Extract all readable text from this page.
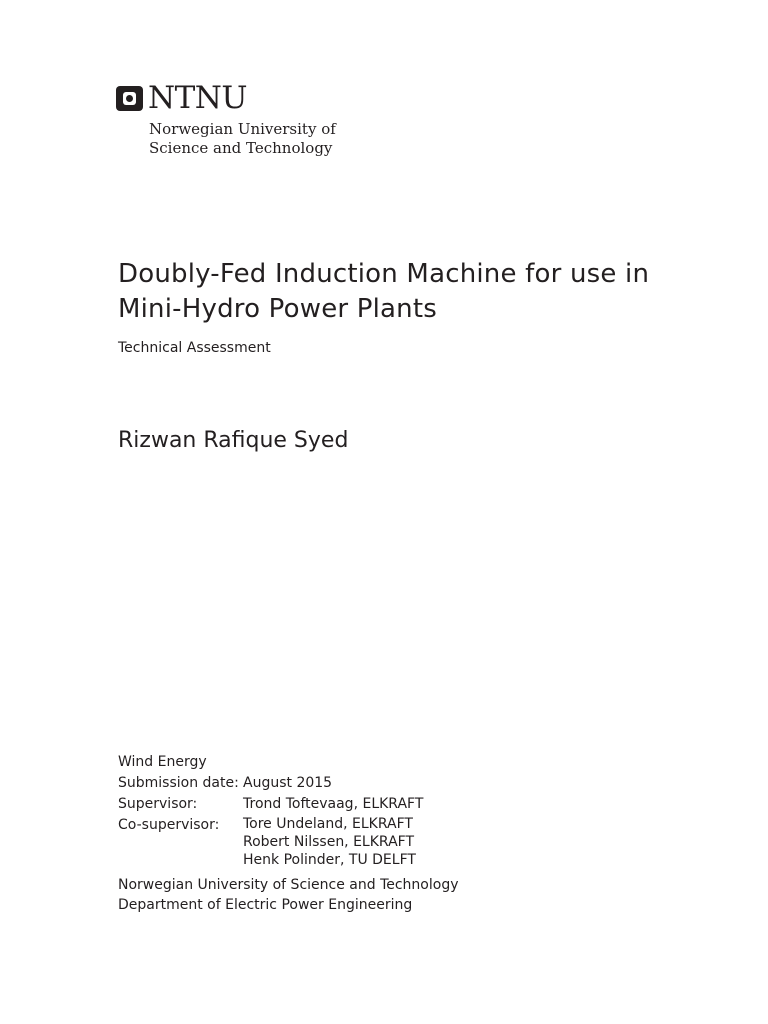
NTNU
Norwegian University of
Science and Technology
Doubly-Fed Induction Machine for use in Mini-Hydro Power Plants
Technical Assessment
Rizwan Rafique Syed
Wind Energy
Submission date: August 2015
Supervisor:	Trond Toftevaag, ELKRAFT
Co-supervisor:	Tore Undeland, ELKRAFT
Robert Nilssen, ELKRAFT
Henk Polinder, TU DELFT
Norwegian University of Science and Technology
Department of Electric Power Engineering
